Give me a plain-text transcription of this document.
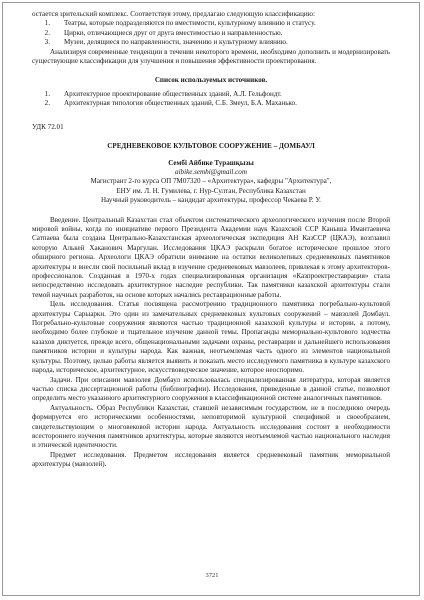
остается зрительский комплекс. Соответствуя этому, предлагаю следующую классификацию:

1.	Театры, которые подразделяются по вместимости, культурному влиянию и статусу.
2.	Цирки, отличающиеся друг от друга вместимостью и направленностью.
3.	Музеи, делящиеся по направленности, значению и культурному влиянию.

Анализируя современные тенденции в течении некоторого времени, необходимо дополнить и модернизировать существующие классификации для улучшения и повышения эффективности проектирования.

Список используемых источников.

1.	Архитектурное проектирование общественных зданий, А.Л. Гельфондт.
2.	Архитектурная типология общественных зданий, С.Б. Змеул, Б.А. Маханько.

УДК 72.01

СРЕДНЕВЕКОВОЕ КУЛЬТОВОЕ СООРУЖЕНИЕ – ДОМБАУЛ

Сембі Айбике Турашқызы
aibike.sembi@gmail.com
Магистрант 2-го курса ОП 7М07320 – «Архитектура», кафедры "Архитектура",
ЕНУ им. Л. Н. Гумилева, г. Нур-Султан, Республика Казахстан
Научный руководитель – кандидат архитектуры, профессор Чекаева Р. У.

Введение. Центральный Казахстан стал объектом систематического археологического изучения после Второй мировой войны, когда по инициативе первого Президента Академии наук Казахской ССР Каныша Имантаевича Сатпаева была создана Центрально-Казахстанская археологическая экспедиция АН КазССР (ЦКАЭ), возглавил которую Алькей Хаканович Маргулан. Исследования ЦКАЭ раскрыли богатое историческое прошлое этого обширного региона. Археологи ЦКАЭ обратили внимание на остатки великолепных средневековых памятников архитектуры и внесли свой посильный вклад в изучение средневековых мавзолеев, привлекая к этому архитекторов-профессионалов. Созданная в 1970-х годах специализированная организация «Казпроектреставрация» стала непосредственно исследовать архитектурное наследие республики. Так памятники казахской архитектуры стали темой научных разработок, на основе которых начались реставрационные работы.

Цель исследования. Статья посвящена рассмотрению традиционного памятника погребально-культовой архитектуры Сарыарки. Это один из замечательных средневековых культовых сооружений – мавзолей Домбаул. Погребально-культовые сооружения являются частью традиционной казахской культуры и истории, а потому, необходимо более глубокое и тщательное изучение данной темы. Пропаганды мемориально-культового зодчества казахов диктуется, прежде всего, общенациональными задачами охраны, реставрации и дальнейшего использования памятников истории и культуры народа. Как важная, неотъемлемая часть одного из элементов национальной культуры. Поэтому, целью работы является выявить и показать место исследуемого памятника в культуре казахского народа, историческое, архитектурное, искусствоведческое значение, которое неоспоримо.

Задачи. При описании мавзолея Домбаул использовалась специализированная литература, которая является частью списка диссертационной работы (библиографии). Исследования, приведенные в данной статье, позволяют определить место указанного архитектурного сооружения в классификационной системе аналогичных памятников.

Актуальность. Образ Республики Казахстан, ставшей независимым государством, не в последнюю очередь формируется его историческими особенностями, неповторимой культурной спецификой и своеобразием, свидетельствующим о многовековой истории народа. Актуальность исследования состоит в необходимости всестороннего изучения памятников архитектуры, которые являются неотъемлемой частью национального наследия и этнической идентичности.

Предмет исследования. Предметом исследования является средневековый памятник мемориальной архитектуры (мавзолей).

3721
